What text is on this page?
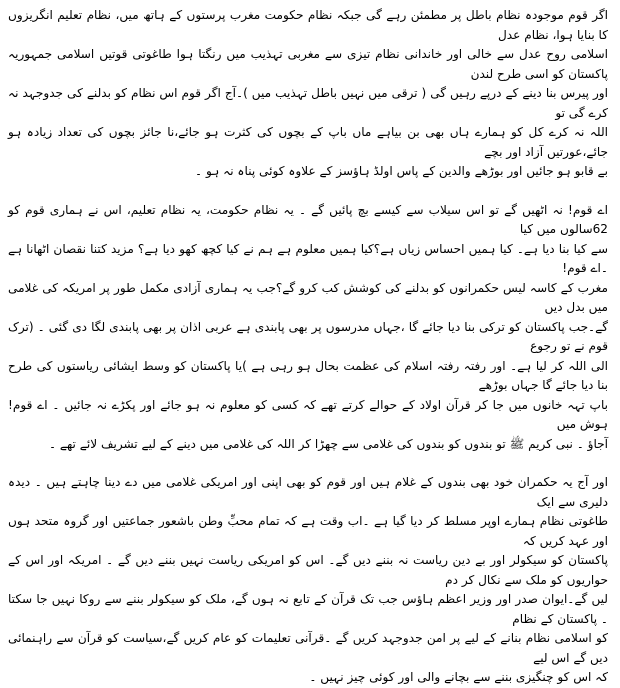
اگر قوم موجودہ نظام باطل پر مطمئن رہے گی جبکہ نظام حکومت مغرب پرستوں کے ہاتھ میں، نظام تعلیم انگریزوں کا بنایا ہوا، نظام عدل
اسلامی روح عدل سے خالی اور خاندانی نظام تیزی سے مغربی تہذیب میں رنگتا ہوا طاغوتی قوتیں اسلامی جمہوریہ پاکستان کو اسی طرح لندن
اور پیرس بنا دینے کے درپے رہیں گی ( ترقی میں نہیں باطل تہذیب میں )۔آج اگر قوم اس نظام کو بدلنے کی جدوجہد نہ کرے گی تو
اللہ نہ کرے کل کو ہمارے ہاں بھی بن بیاہے ماں باپ کے بچوں کی کثرت ہو جائے،نا جائز بچوں کی تعداد زیادہ ہو جائے،عورتیں آزاد اور بچے
بے قابو ہو جائیں اور بوڑھے والدین کے پاس اولڈ ہاؤسز کے علاوہ کوئی پناہ نہ ہو ۔
اے قوم! نہ اٹھیں گے تو اس سیلاب سے کیسے بچ پائیں گے ۔ یہ نظام حکومت، یہ نظام تعلیم، اس نے ہماری قوم کو 62سالوں میں کیا
سے کیا بنا دیا ہے۔ کیا ہمیں احساس زیاں ہے؟کیا ہمیں معلوم ہے ہم نے کیا کچھ کھو دیا ہے؟ مزید کتنا نقصان اٹھانا ہے ۔اے قوم!
مغرب کے کاسہ لیس حکمرانوں کو بدلنے کی کوشش کب کرو گے؟جب یہ ہماری آزادی مکمل طور پر امریکہ کی غلامی میں بدل دیں
گے۔جب پاکستان کو ترکی بنا دیا جائے گا ،جہاں مدرسوں پر بھی پابندی ہے عربی اذان پر بھی پابندی لگا دی گئی ۔ (ترک قوم نے تو رجوع
الی اللہ کر لیا ہے۔ اور رفتہ رفتہ اسلام کی عظمت بحال ہو رہی ہے )یا پاکستان کو وسط ایشائی ریاستوں کی طرح بنا دیا جائے گا جہاں بوڑھے
باپ تہہ خانوں میں جا کر قرآن اولاد کے حوالے کرتے تھے کہ کسی کو معلوم نہ ہو جائے اور پکڑے نہ جائیں ۔ اے قوم! ہوش میں
آجاؤ ۔ نبی کریم ﷺ تو بندوں کو بندوں کی غلامی سے چھڑا کر اللہ کی غلامی میں دینے کے لیے تشریف لائے تھے ۔
اور آج یہ حکمران خود بھی بندوں کے غلام ہیں اور قوم کو بھی اپنی اور امریکی غلامی میں دے دینا چاہتے ہیں ۔ دیدہ دلیری سے ایک
طاغوتی نظام ہمارے اوپر مسلط کر دیا گیا ہے ۔اب وقت ہے کہ تمام محبِّ وطن باشعور جماعتیں اور گروہ متحد ہوں اور عہد کریں کہ
پاکستان کو سیکولر اور بے دین ریاست نہ بننے دیں گے۔ اس کو امریکی ریاست نہیں بننے دیں گے ۔ امریکہ اور اس کے حواریوں کو ملک سے نکال کر دم
لیں گے۔ایوان صدر اور وزیر اعظم ہاؤس جب تک قرآن کے تابع نہ ہوں گے، ملک کو سیکولر بننے سے روکا نہیں جا سکتا ۔ پاکستان کے نظام
کو اسلامی نظام بنانے کے لیے پر امن جدوجہد کریں گے ۔قرآنی تعلیمات کو عام کریں گے،سیاست کو قرآن سے راہنمائی دیں گے اس لیے
کہ اس کو چنگیزی بننے سے بچانے والی اور کوئی چیز نہیں ۔
